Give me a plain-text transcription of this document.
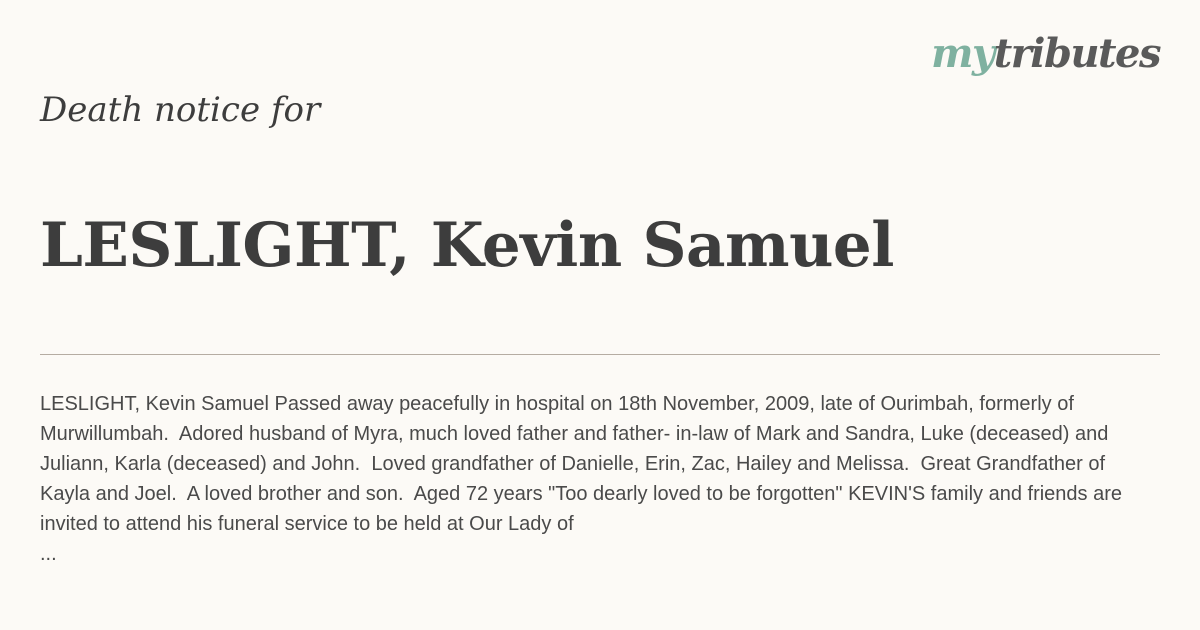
mytributes
Death notice for
LESLIGHT, Kevin Samuel

LESLIGHT, Kevin Samuel Passed away peacefully in hospital on 18th November, 2009, late of Ourimbah, formerly of Murwillumbah.  Adored husband of Myra, much loved father and father- in-law of Mark and Sandra, Luke (deceased) and Juliann, Karla (deceased) and John.  Loved grandfather of Danielle, Erin, Zac, Hailey and Melissa.  Great Grandfather of Kayla and Joel.  A loved brother and son.  Aged 72 years "Too dearly loved to be forgotten" KEVIN'S family and friends are invited to attend his funeral service to be held at Our Lady of

...
